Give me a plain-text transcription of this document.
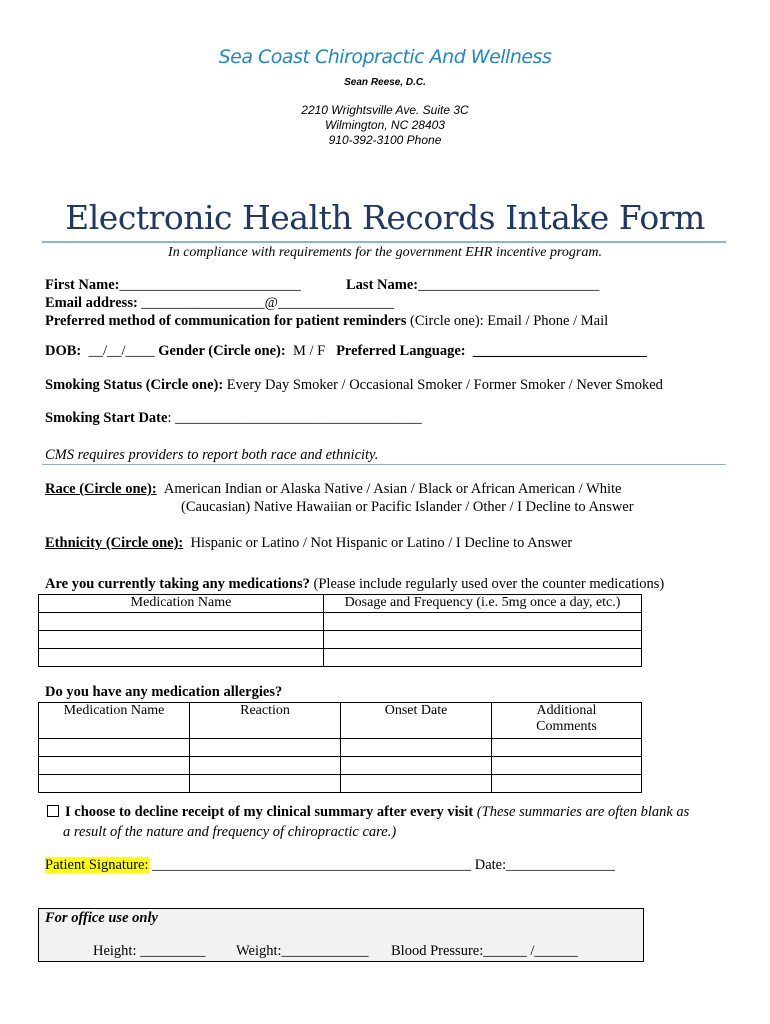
Sea Coast Chiropractic And Wellness
Sean Reese, D.C.
2210 Wrightsville Ave. Suite 3C
Wilmington, NC 28403
910-392-3100 Phone
Electronic Health Records Intake Form
In compliance with requirements for the government EHR incentive program.
First Name:_________________________	Last Name:_________________________
Email address: _________________@________________
Preferred method of communication for patient reminders (Circle one): Email / Phone / Mail
DOB: __/__/____ Gender (Circle one): M / F Preferred Language: ________________________
Smoking Status (Circle one): Every Day Smoker / Occasional Smoker / Former Smoker / Never Smoked
Smoking Start Date: __________________________________
CMS requires providers to report both race and ethnicity.
Race (Circle one): American Indian or Alaska Native / Asian / Black or African American / White
(Caucasian) Native Hawaiian or Pacific Islander / Other / I Decline to Answer
Ethnicity (Circle one): Hispanic or Latino / Not Hispanic or Latino / I Decline to Answer
Are you currently taking any medications? (Please include regularly used over the counter medications)
Medication Name	Dosage and Frequency (i.e. 5mg once a day, etc.)

Do you have any medication allergies?
Medication Name	Reaction	Onset Date	Additional
Comments

I choose to decline receipt of my clinical summary after every visit (These summaries are often blank as
a result of the nature and frequency of chiropractic care.)
Patient Signature: ____________________________________________ Date:_______________
For office use only
Height: _________ Weight:____________ Blood Pressure:______ /______
